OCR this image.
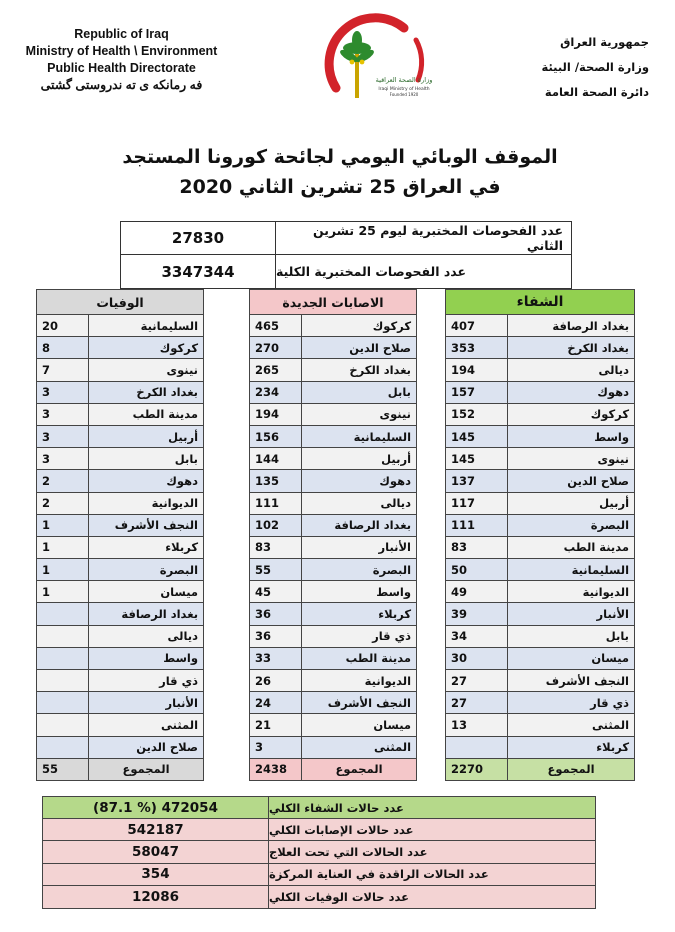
Republic of Iraq
Ministry of Health \ Environment
Public Health Directorate
فه رمانكه ى ته ندروستى گشتى	وزارة الصحة العراقية
Iraqi Ministry of Health
Founded 1920
جمهورية العراق
وزارة الصحة/ البيئة
دائرة الصحة العامة
الموقف الوبائي اليومي لجائحة كورونا المستجد
في العراق 25 تشرين الثاني 2020
27830	عدد الفحوصات المختبرية ليوم 25 تشرين الثاني
3347344	عدد الفحوصات المختبرية الكلية
الوفيات	
20	السليمانية
8	كركوك
7	نينوى
3	بغداد الكرخ
3	مدينة الطب
3	أربيل
3	بابل
2	دهوك
2	الديوانية
1	النجف الأشرف
1	كربلاء
1	البصرة
1	ميسان
	بغداد الرصافة
	ديالى
	واسط
	ذي قار
	الأنبار
	المثنى
	صلاح الدين
55	المجموع
الاصابات الجديدة	
465	كركوك
270	صلاح الدين
265	بغداد الكرخ
234	بابل
194	نينوى
156	السليمانية
144	أربيل
135	دهوك
111	ديالى
102	بغداد الرصافة
83	الأنبار
55	البصرة
45	واسط
36	كربلاء
36	ذي قار
33	مدينة الطب
26	الديوانية
24	النجف الأشرف
21	ميسان
3	المثنى
2438	المجموع
الشفاء	
407	بغداد الرصافة
353	بغداد الكرخ
194	ديالى
157	دهوك
152	كركوك
145	واسط
145	نينوى
137	صلاح الدين
117	أربيل
111	البصرة
83	مدينة الطب
50	السليمانية
49	الديوانية
39	الأنبار
34	بابل
30	ميسان
27	النجف الأشرف
27	ذي قار
13	المثنى
	كربلاء
2270	المجموع
(87.1 %) 472054	عدد حالات الشفاء الكلي
542187	عدد حالات الإصابات الكلي
58047	عدد الحالات التي تحت العلاج
354	عدد الحالات الراقدة في العناية المركزة
12086	عدد حالات الوفيات الكلي
